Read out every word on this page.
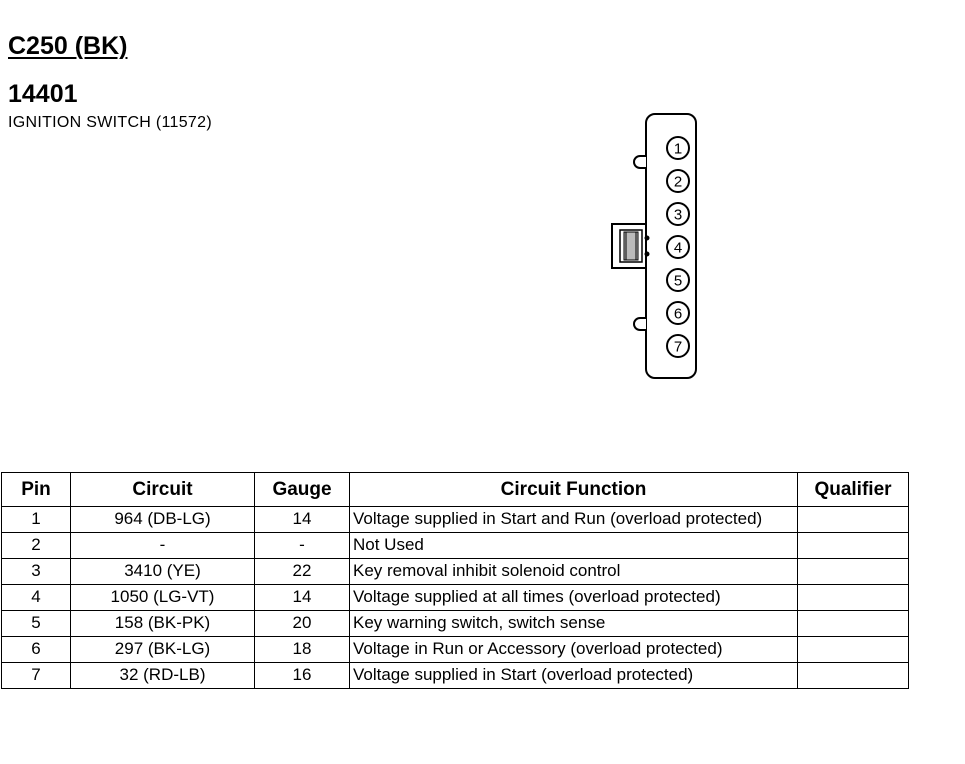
C250 (BK)
14401

IGNITION SWITCH (11572)

1
2
3
4
5
6
7
Pin	Circuit	Gauge	Circuit Function	Qualifier
1	964 (DB-LG)	14	Voltage supplied in Start and Run (overload protected)	
2	-	-	Not Used	
3	3410 (YE)	22	Key removal inhibit solenoid control	
4	1050 (LG-VT)	14	Voltage supplied at all times (overload protected)	
5	158 (BK-PK)	20	Key warning switch, switch sense	
6	297 (BK-LG)	18	Voltage in Run or Accessory (overload protected)	
7	32 (RD-LB)	16	Voltage supplied in Start (overload protected)	
